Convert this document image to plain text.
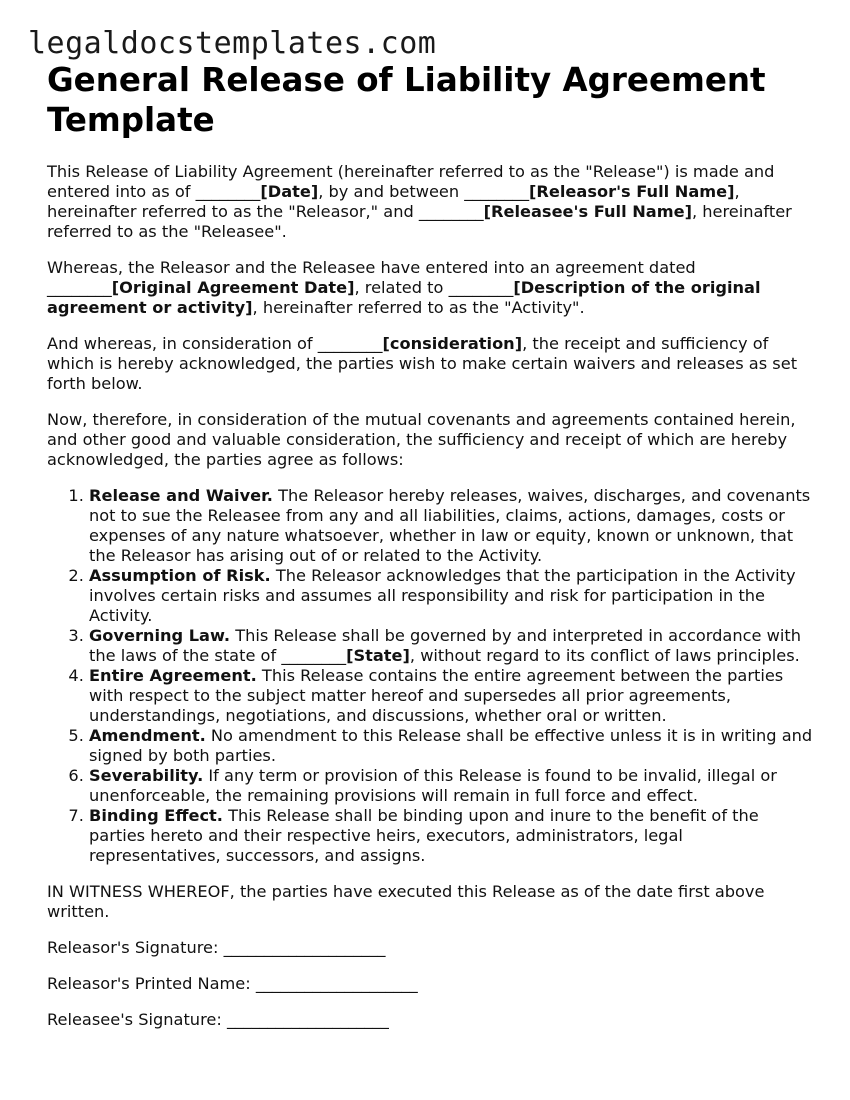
legaldocstemplates.com
General Release of Liability Agreement Template

This Release of Liability Agreement (hereinafter referred to as the "Release") is made and entered into as of ________[Date], by and between ________[Releasor's Full Name], hereinafter referred to as the "Releasor," and ________[Releasee's Full Name], hereinafter referred to as the "Releasee".

Whereas, the Releasor and the Releasee have entered into an agreement dated ________[Original Agreement Date], related to ________[Description of the original agreement or activity], hereinafter referred to as the "Activity".

And whereas, in consideration of ________[consideration], the receipt and sufficiency of which is hereby acknowledged, the parties wish to make certain waivers and releases as set forth below.

Now, therefore, in consideration of the mutual covenants and agreements contained herein, and other good and valuable consideration, the sufficiency and receipt of which are hereby acknowledged, the parties agree as follows:

1. Release and Waiver. The Releasor hereby releases, waives, discharges, and covenants not to sue the Releasee from any and all liabilities, claims, actions, damages, costs or expenses of any nature whatsoever, whether in law or equity, known or unknown, that the Releasor has arising out of or related to the Activity.
2. Assumption of Risk. The Releasor acknowledges that the participation in the Activity involves certain risks and assumes all responsibility and risk for participation in the Activity.
3. Governing Law. This Release shall be governed by and interpreted in accordance with the laws of the state of ________[State], without regard to its conflict of laws principles.
4. Entire Agreement. This Release contains the entire agreement between the parties with respect to the subject matter hereof and supersedes all prior agreements, understandings, negotiations, and discussions, whether oral or written.
5. Amendment. No amendment to this Release shall be effective unless it is in writing and signed by both parties.
6. Severability. If any term or provision of this Release is found to be invalid, illegal or unenforceable, the remaining provisions will remain in full force and effect.
7. Binding Effect. This Release shall be binding upon and inure to the benefit of the parties hereto and their respective heirs, executors, administrators, legal representatives, successors, and assigns.

IN WITNESS WHEREOF, the parties have executed this Release as of the date first above written.

Releasor's Signature: ____________________

Releasor's Printed Name: ____________________

Releasee's Signature: ____________________
